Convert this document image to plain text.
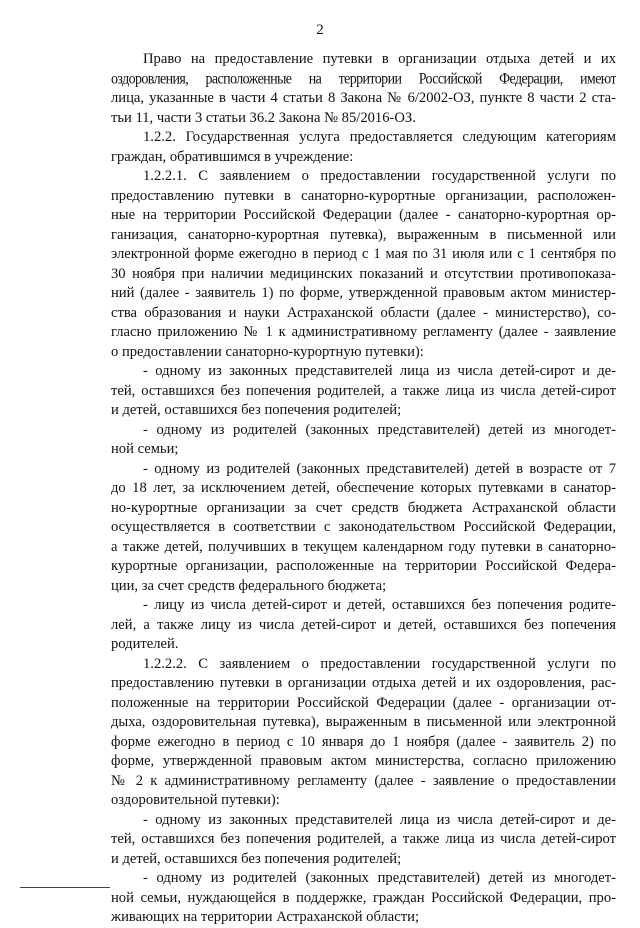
2
Право на предоставление путевки в организации отдыха детей и их
оздоровления, расположенные на территории Российской Федерации, имеют
лица, указанные в части 4 статьи 8 Закона № 6/2002-ОЗ, пункте 8 части 2 ста-
тьи 11, части 3 статьи 36.2 Закона № 85/2016-ОЗ.
1.2.2. Государственная услуга предоставляется следующим категориям
граждан, обратившимся в учреждение:
1.2.2.1. С заявлением о предоставлении государственной услуги по
предоставлению путевки в санаторно-курортные организации, расположен-
ные на территории Российской Федерации (далее - санаторно-курортная ор-
ганизация, санаторно-курортная путевка), выраженным в письменной или
электронной форме ежегодно в период с 1 мая по 31 июля или с 1 сентября по
30 ноября при наличии медицинских показаний и отсутствии противопоказа-
ний (далее - заявитель 1) по форме, утвержденной правовым актом министер-
ства образования и науки Астраханской области (далее - министерство), со-
гласно приложению № 1 к административному регламенту (далее - заявление
о предоставлении санаторно-курортную путевки):
- одному из законных представителей лица из числа детей-сирот и де-
тей, оставшихся без попечения родителей, а также лица из числа детей-сирот
и детей, оставшихся без попечения родителей;
- одному из родителей (законных представителей) детей из многодет-
ной семьи;
- одному из родителей (законных представителей) детей в возрасте от 7
до 18 лет, за исключением детей, обеспечение которых путевками в санатор-
но-курортные организации за счет средств бюджета Астраханской области
осуществляется в соответствии с законодательством Российской Федерации,
а также детей, получивших в текущем календарном году путевки в санаторно-
курортные организации, расположенные на территории Российской Федера-
ции, за счет средств федерального бюджета;
- лицу из числа детей-сирот и детей, оставшихся без попечения родите-
лей, а также лицу из числа детей-сирот и детей, оставшихся без попечения
родителей.
1.2.2.2. С заявлением о предоставлении государственной услуги по
предоставлению путевки в организации отдыха детей и их оздоровления, рас-
положенные на территории Российской Федерации (далее - организации от-
дыха, оздоровительная путевка), выраженным в письменной или электронной
форме ежегодно в период с 10 января до 1 ноября (далее - заявитель 2) по
форме, утвержденной правовым актом министерства, согласно приложению
№ 2 к административному регламенту (далее - заявление о предоставлении
оздоровительной путевки):
- одному из законных представителей лица из числа детей-сирот и де-
тей, оставшихся без попечения родителей, а также лица из числа детей-сирот
и детей, оставшихся без попечения родителей;
- одному из родителей (законных представителей) детей из многодет-
ной семьи, нуждающейся в поддержке, граждан Российской Федерации, про-
живающих на территории Астраханской области;
